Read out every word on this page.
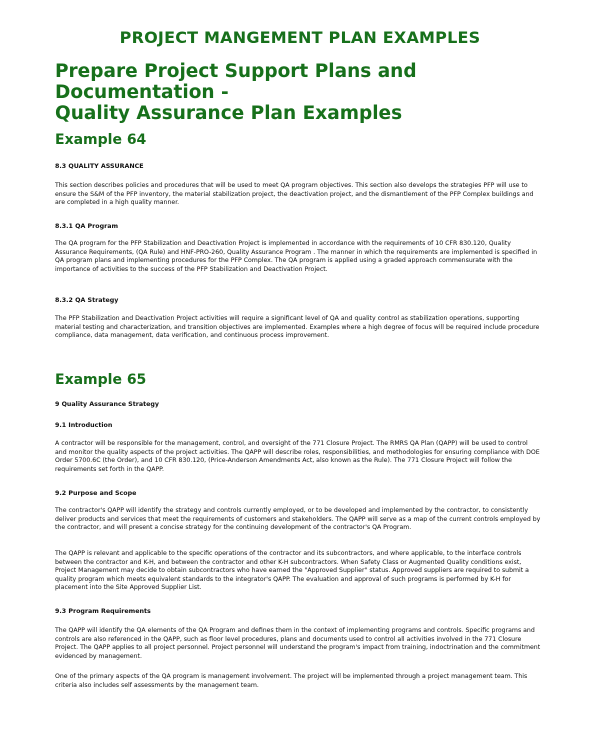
PROJECT MANGEMENT PLAN EXAMPLES
Prepare Project Support Plans and
Documentation -
Quality Assurance Plan Examples
Example 64

8.3 QUALITY ASSURANCE

This section describes policies and procedures that will be used to meet QA program objectives. This section also develops the strategies PFP will use to ensure the S&M of the PFP inventory, the material stabilization project, the deactivation project, and the dismantlement of the PFP Complex buildings and are completed in a high quality manner.

8.3.1 QA Program

The QA program for the PFP Stabilization and Deactivation Project is implemented in accordance with the requirements of 10 CFR 830.120, Quality Assurance Requirements, (QA Rule) and HNF-PRO-260, Quality Assurance Program . The manner in which the requirements are implemented is specified in QA program plans and implementing procedures for the PFP Complex. The QA program is applied using a graded approach commensurate with the importance of activities to the success of the PFP Stabilization and Deactivation Project.

8.3.2 QA Strategy

The PFP Stabilization and Deactivation Project activities will require a significant level of QA and quality control as stabilization operations, supporting material testing and characterization, and transition objectives are implemented. Examples where a high degree of focus will be required include procedure compliance, data management, data verification, and continuous process improvement.

Example 65

9 Quality Assurance Strategy

9.1 Introduction

A contractor will be responsible for the management, control, and oversight of the 771 Closure Project. The RMRS QA Plan (QAPP) will be used to control and monitor the quality aspects of the project activities. The QAPP will describe roles, responsibilities, and methodologies for ensuring compliance with DOE Order 5700.6C (the Order), and 10 CFR 830.120, (Price-Anderson Amendments Act, also known as the Rule). The 771 Closure Project will follow the requirements set forth in the QAPP.

9.2 Purpose and Scope

The contractor's QAPP will identify the strategy and controls currently employed, or to be developed and implemented by the contractor, to consistently deliver products and services that meet the requirements of customers and stakeholders. The QAPP will serve as a map of the current controls employed by the contractor, and will present a concise strategy for the continuing development of the contractor's QA Program.

The QAPP is relevant and applicable to the specific operations of the contractor and its subcontractors, and where applicable, to the interface controls between the contractor and K-H, and between the contractor and other K-H subcontractors. When Safety Class or Augmented Quality conditions exist, Project Management may decide to obtain subcontractors who have earned the "Approved Supplier" status. Approved suppliers are required to submit a quality program which meets equivalent standards to the integrator's QAPP. The evaluation and approval of such programs is performed by K-H for placement into the Site Approved Supplier List.

9.3 Program Requirements

The QAPP will identify the QA elements of the QA Program and defines them in the context of implementing programs and controls. Specific programs and controls are also referenced in the QAPP, such as floor level procedures, plans and documents used to control all activities involved in the 771 Closure Project. The QAPP applies to all project personnel. Project personnel will understand the program's impact from training, indoctrination and the commitment evidenced by management.

One of the primary aspects of the QA program is management involvement. The project will be implemented through a project management team. This criteria also includes self assessments by the management team.
